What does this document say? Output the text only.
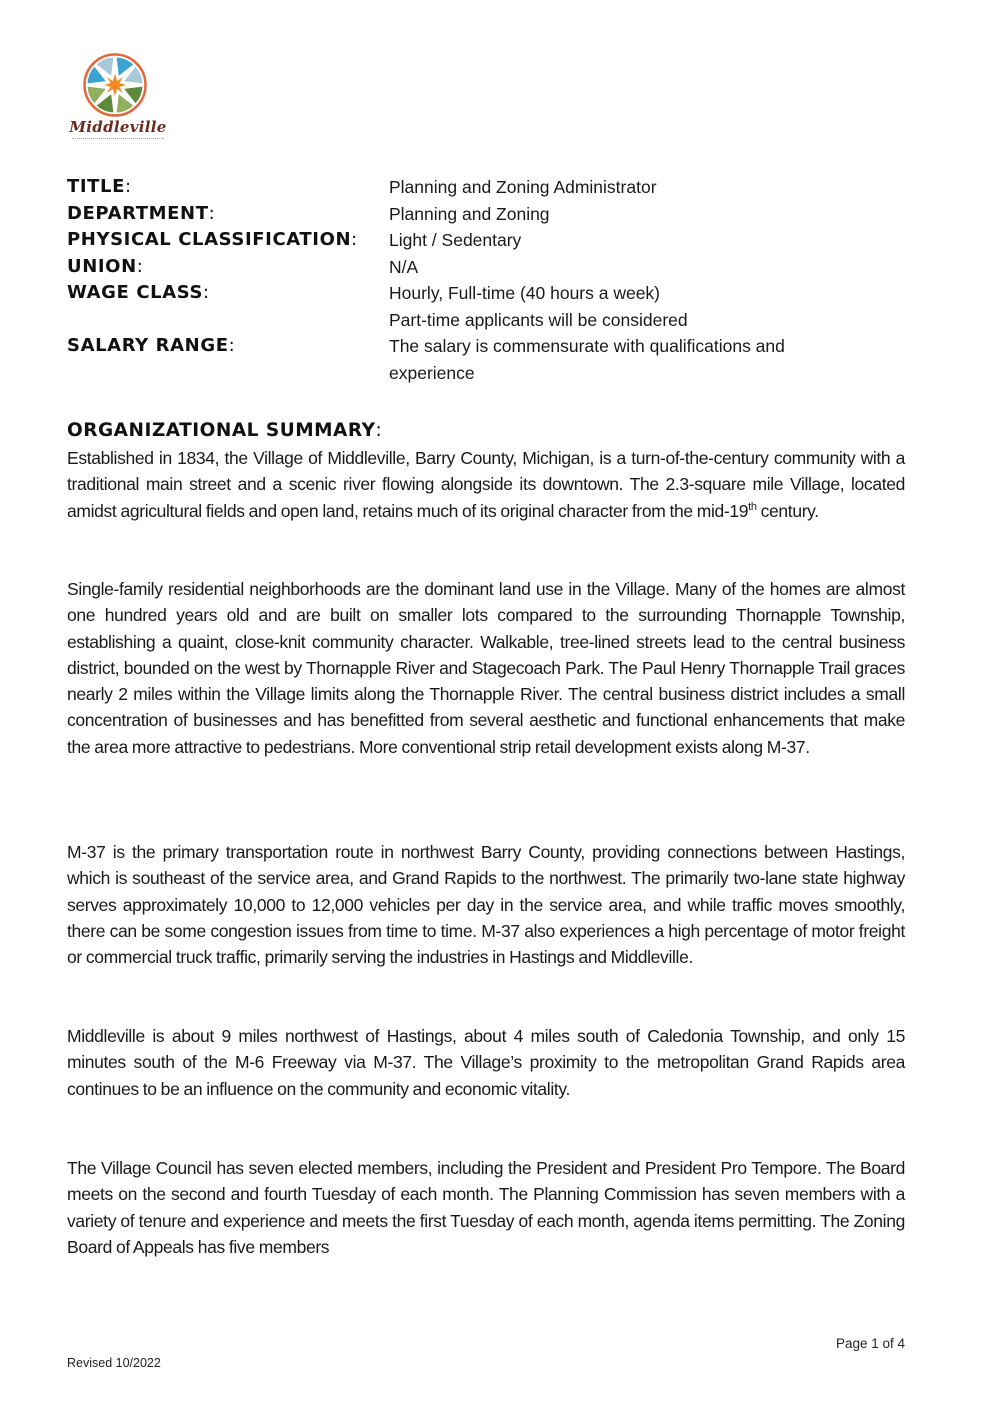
Middleville
TITLE:	Planning and Zoning Administrator
DEPARTMENT:	Planning and Zoning
PHYSICAL CLASSIFICATION:	Light / Sedentary
UNION:	N/A
WAGE CLASS:	Hourly, Full-time (40 hours a week)
Part-time applicants will be considered
SALARY RANGE:	The salary is commensurate with qualifications and experience
ORGANIZATIONAL SUMMARY:
Established in 1834, the Village of Middleville, Barry County, Michigan, is a turn-of-the-century community with a traditional main street and a scenic river flowing alongside its downtown. The 2.3-square mile Village, located amidst agricultural fields and open land, retains much of its original character from the mid-19th century.
Single-family residential neighborhoods are the dominant land use in the Village. Many of the homes are almost one hundred years old and are built on smaller lots compared to the surrounding Thornapple Township, establishing a quaint, close-knit community character. Walkable, tree-lined streets lead to the central business district, bounded on the west by Thornapple River and Stagecoach Park. The Paul Henry Thornapple Trail graces nearly 2 miles within the Village limits along the Thornapple River. The central business district includes a small concentration of businesses and has benefitted from several aesthetic and functional enhancements that make the area more attractive to pedestrians. More conventional strip retail development exists along M-37.
M-37 is the primary transportation route in northwest Barry County, providing connections between Hastings, which is southeast of the service area, and Grand Rapids to the northwest. The primarily two-lane state highway serves approximately 10,000 to 12,000 vehicles per day in the service area, and while traffic moves smoothly, there can be some congestion issues from time to time. M-37 also experiences a high percentage of motor freight or commercial truck traffic, primarily serving the industries in Hastings and Middleville.
Middleville is about 9 miles northwest of Hastings, about 4 miles south of Caledonia Township, and only 15 minutes south of the M-6 Freeway via M-37. The Village’s proximity to the metropolitan Grand Rapids area continues to be an influence on the community and economic vitality.
The Village Council has seven elected members, including the President and President Pro Tempore. The Board meets on the second and fourth Tuesday of each month. The Planning Commission has seven members with a variety of tenure and experience and meets the first Tuesday of each month, agenda items permitting. The Zoning Board of Appeals has five members
Page 1 of 4
Revised 10/2022
